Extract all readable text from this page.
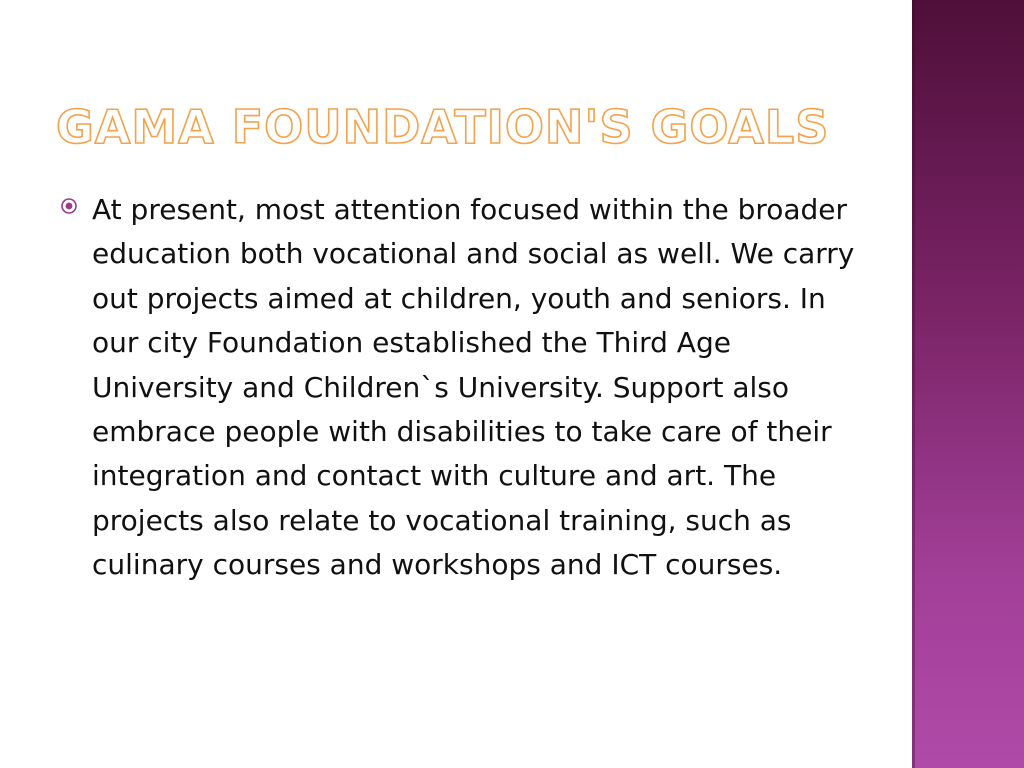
GAMA FOUNDATION'S GOALS

At present, most attention focused within the broader education both vocational and social as well. We carry out projects aimed at children, youth and seniors. In our city Foundation established the Third Age University and Children`s University. Support also embrace people with disabilities to take care of their integration and contact with culture and art. The projects also relate to vocational training, such as culinary courses and workshops and ICT courses.
